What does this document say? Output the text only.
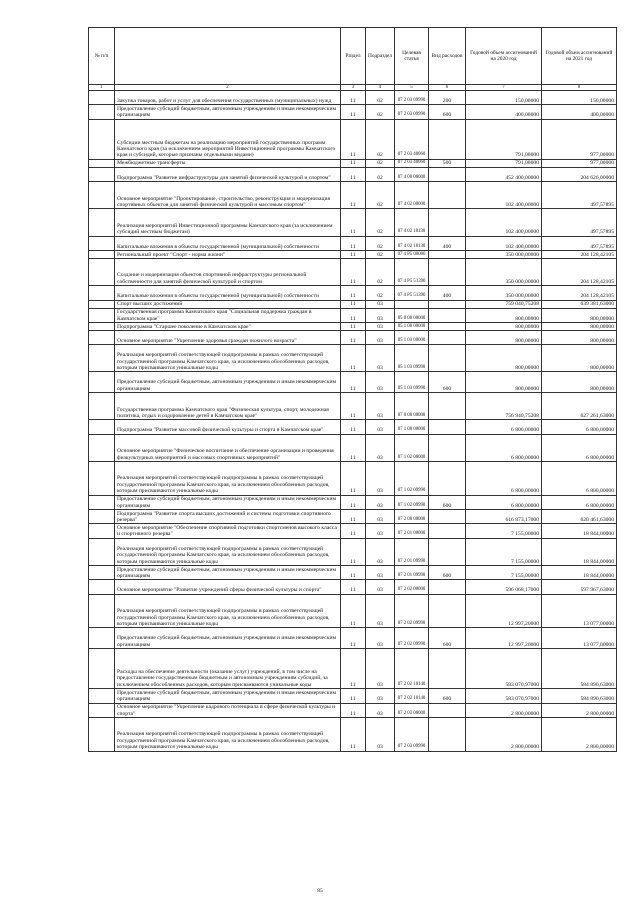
№ п/п		Раздел	Подраздел	Целевая статья	Вид расходов	Годовой объем ассигнований на 2020 год	Годовой объем ассигнований на 2021 год
1	2	3	4	5	6	7	8
	Закупка товаров, работ и услуг для обеспечения государственных (муниципальных) нужд	11	02	07 2 03 09990	200	150,00000	150,00000
	Предоставление субсидий бюджетным, автономным учреждениям и иным некоммерческим организациям	11	02	07 2 03 09990	600	400,00000	400,00000
	Субсидии местным бюджетам на реализацию мероприятий государственных программ Камчатского края (за исключением мероприятий Инвестиционной программы Камчатского края и субсидий, которые признаны отдельными видами)	11	02	07 2 03 40060		791,00000	977,00000
	Межбюджетные трансферты	11	02	07 2 03 40060	500	791,00000	977,00000
	Подпрограмма "Развитие инфраструктуры для занятий физической культурой и спортом"	11	02	07 4 00 00000		452 400,00000	204 626,00000
	Основное мероприятие "Проектирование, строительство, реконструкция и модернизация спортивных объектов для занятий физической культурой и массовым спортом"	11	02	07 4 02 00000		102 400,00000	497,57895
	Реализация мероприятий Инвестиционной программы Камчатского края (за исключением субсидий местным бюджетам)	11	02	07 4 02 10130		102 400,00000	497,57895
	Капитальные вложения в объекты государственной (муниципальной) собственности	11	02	07 4 02 10130	400	102 400,00000	497,57895
	Региональный проект "Спорт - норма жизни"	11	02	07 4 P5 00000		350 000,00000	204 128,42105
	Создание и модернизация объектов спортивной инфраструктуры региональной собственности для занятий физической культурой и спортом	11	02	07 4 P5 51390		350 000,00000	204 128,42105
	Капитальные вложения в объекты государственной (муниципальной) собственности	11	02	07 4 P5 51390	400	350 000,00000	204 128,42105
	Спорт высших достижений	11	03			759 040,75208	639 381,63000
	Государственная программа Камчатского края "Социальная поддержка граждан в Камчатском крае"	11	03	05 0 00 00000		800,00000	800,00000
	Подпрограмма "Старшее поколение в Камчатском крае"	11	03	05 1 00 00000		800,00000	800,00000
	Основное мероприятие "Укрепление здоровья граждан пожилого возраста"	11	03	05 1 03 00000		800,00000	800,00000
	Реализация мероприятий соответствующей подпрограммы в рамках соответствующей государственной программы Камчатского края, за исключением обособленных расходов, которым присваиваются уникальные коды	11	03	05 1 03 09990		800,00000	800,00000
	Предоставление субсидий бюджетным, автономным учреждениям и иным некоммерческим организациям	11	03	05 1 03 09990	600	800,00000	800,00000
	Государственная программа Камчатского края "Физическая культура, спорт, молодежная политика, отдых и оздоровление детей в Камчатском крае"	11	03	07 0 00 00000		756 940,75208	627 261,63000
	Подпрограмма "Развитие массовой физической культуры и спорта в Камчатском крае"	11	03	07 1 00 00000		6 800,00000	6 800,00000
	Основное мероприятие "Физическое воспитание и обеспечение организации и проведения физкультурных мероприятий и массовых спортивных мероприятий"	11	03	07 1 02 00000		6 800,00000	6 800,00000
	Реализация мероприятий соответствующей подпрограммы в рамках соответствующей государственной программы Камчатского края, за исключением обособленных расходов, которым присваиваются уникальные коды	11	03	07 1 02 09990		6 800,00000	6 800,00000
	Предоставление субсидий бюджетным, автономным учреждениям и иным некоммерческим организациям	11	03	07 1 02 09990	600	6 800,00000	6 800,00000
	Подпрограмма "Развитие спорта высших достижений и системы подготовки спортивного резерва"	11	03	07 2 00 00000		616 873,17000	620 461,63000
	Основное мероприятие "Обеспечение спортивной подготовки спортсменов высокого класса и спортивного резерва"	11	03	07 2 01 00000		7 155,00000	18 844,00000
	Реализация мероприятий соответствующей подпрограммы в рамках соответствующей государственной программы Камчатского края, за исключением обособленных расходов, которым присваиваются уникальные коды	11	03	07 2 01 09990		7 155,00000	18 844,00000
	Предоставление субсидий бюджетным, автономным учреждениям и иным некоммерческим организациям	11	03	07 2 01 09990	600	7 155,00000	18 844,00000
	Основное мероприятие "Развитие учреждений сферы физической культуры и спорта"	11	03	07 2 02 00000		596 068,17000	597 967,63000
	Реализация мероприятий соответствующей подпрограммы в рамках соответствующей государственной программы Камчатского края, за исключением обособленных расходов, которым присваиваются уникальные коды	11	03	07 2 02 09990		12 997,20000	13 077,00000
	Предоставление субсидий бюджетным, автономным учреждениям и иным некоммерческим организациям	11	03	07 2 02 09990	600	12 997,20000	13 077,00000
	Расходы на обеспечение деятельности (оказание услуг) учреждений, в том числе на предоставление государственным бюджетным и автономным учреждениям субсидий, за исключением обособленных расходов, которым присваиваются уникальные коды	11	03	07 2 02 10140		583 070,97000	584 890,63000
	Предоставление субсидий бюджетным, автономным учреждениям и иным некоммерческим организациям	11	03	07 2 02 10140	600	583 070,97000	584 890,63000
	Основное мероприятие "Укрепление кадрового потенциала в сфере физической культуры и спорта"	11	03	07 2 03 00000		2 800,00000	2 800,00000
	Реализация мероприятий соответствующей подпрограммы в рамках соответствующей государственной программы Камчатского края, за исключением обособленных расходов, которым присваиваются уникальные коды	11	03	07 2 03 09990		2 800,00000	2 800,00000
85
